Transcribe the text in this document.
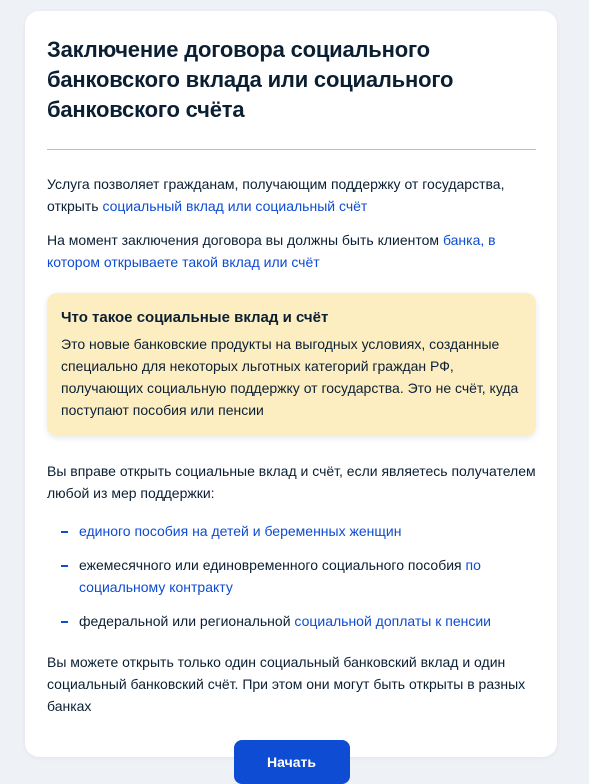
Заключение договора социального банковского вклада или социального банковского счёта

Услуга позволяет гражданам, получающим поддержку от государства, открыть социальный вклад или социальный счёт

На момент заключения договора вы должны быть клиентом банка, в котором открываете такой вклад или счёт

Что такое социальные вклад и счёт

Это новые банковские продукты на выгодных условиях, созданные специально для некоторых льготных категорий граждан РФ, получающих социальную поддержку от государства. Это не счёт, куда поступают пособия или пенсии

Вы вправе открыть социальные вклад и счёт, если являетесь получателем любой из мер поддержки:

единого пособия на детей и беременных женщин
ежемесячного или единовременного социального пособия по социальному контракту
федеральной или региональной социальной доплаты к пенсии

Вы можете открыть только один социальный банковский вклад и один социальный банковский счёт. При этом они могут быть открыты в разных банках

Начать
